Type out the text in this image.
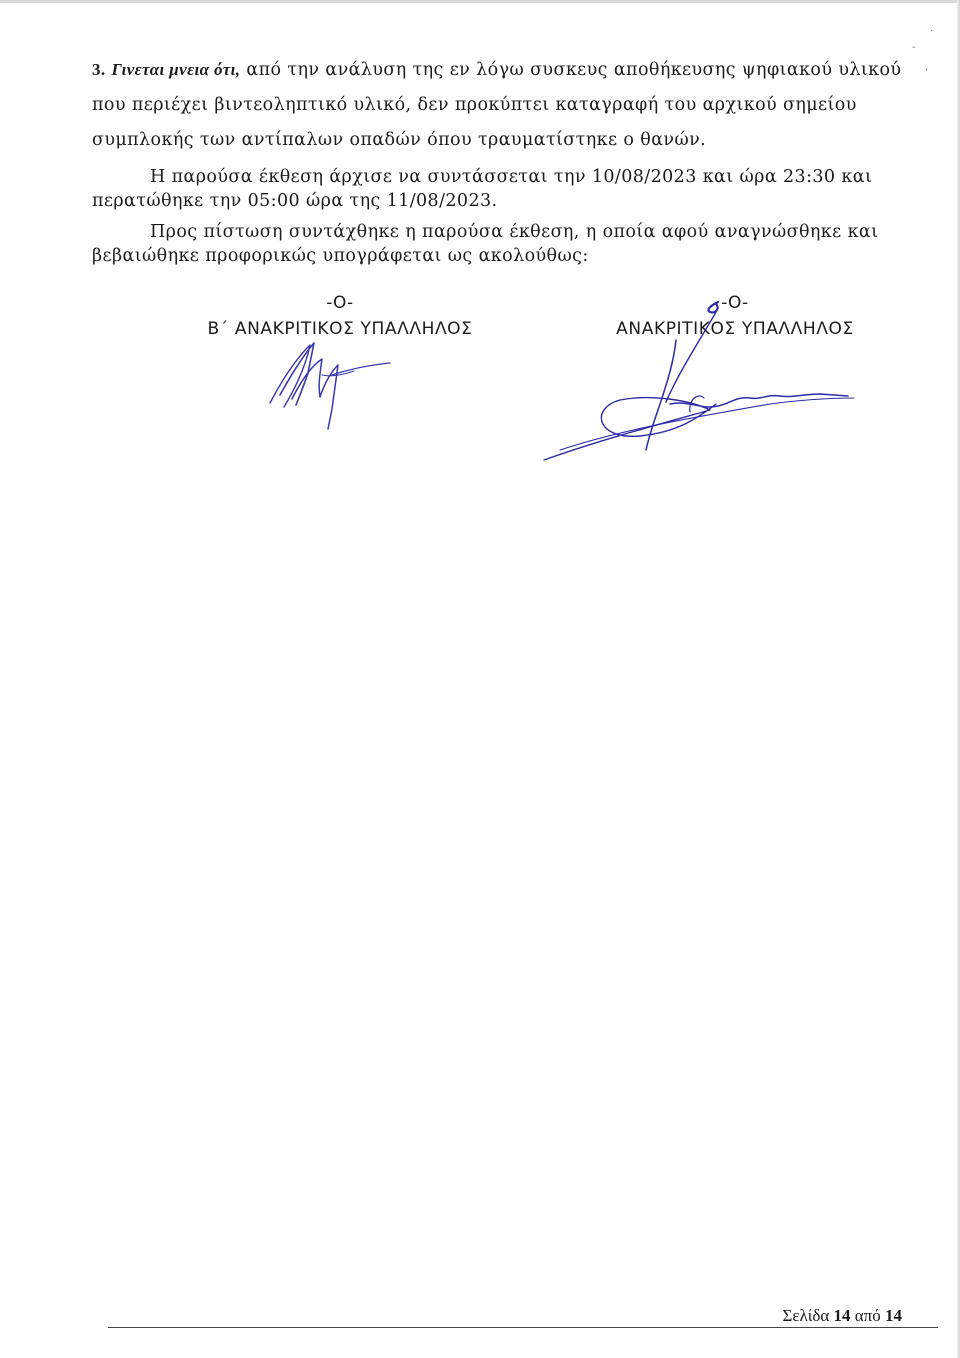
3. Γινεται μνεια ότι, από την ανάλυση της εν λόγω συσκευς αποθήκευσης ψηφιακού υλικού
που περιέχει βιντεοληπτικό υλικό, δεν προκύπτει καταγραφή του αρχικού σημείου
συμπλοκής των αντίπαλων οπαδών όπου τραυματίστηκε ο θανών.
Η παρούσα έκθεση άρχισε να συντάσσεται την 10/08/2023 και ώρα 23:30 και
περατώθηκε την 05:00 ώρα της 11/08/2023.
Προς πίστωση συντάχθηκε η παρούσα έκθεση, η οποία αφού αναγνώσθηκε και
βεβαιώθηκε προφορικώς υπογράφεται ως ακολούθως:
-Ο-
Β΄ ΑΝΑΚΡΙΤΙΚΟΣ ΥΠΑΛΛΗΛΟΣ
-Ο-
ΑΝΑΚΡΙΤΙΚΟΣ ΥΠΑΛΛΗΛΟΣ
·
-
,
Σελίδα 14 από 14
